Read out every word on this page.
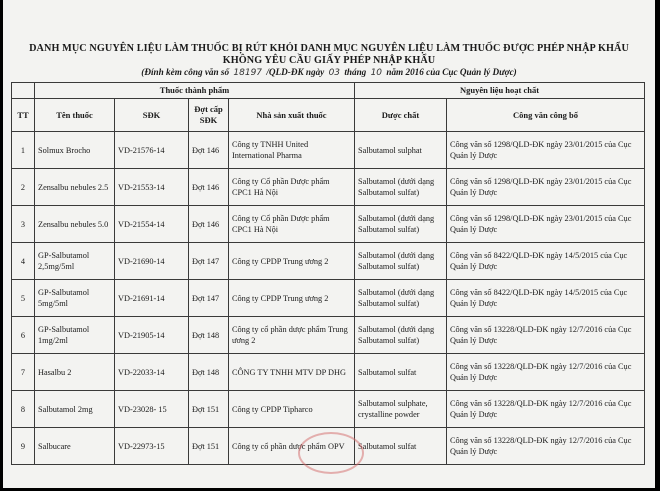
DANH MỤC NGUYÊN LIỆU LÀM THUỐC BỊ RÚT KHỎI DANH MỤC NGUYÊN LIỆU LÀM THUỐC ĐƯỢC PHÉP NHẬP KHẨU
KHÔNG YÊU CẦU GIẤY PHÉP NHẬP KHẨU
(Đính kèm công văn số 18197 /QLD-ĐK ngày 03 tháng 10 năm 2016 của Cục Quản lý Dược)
	Thuốc thành phẩm				Nguyên liệu hoạt chất	
TT	Tên thuốc	SĐK	Đợt cấp SĐK	Nhà sản xuất thuốc	Dược chất	Công văn công bố
1	Solmux Brocho	VD-21576-14	Đợt 146	Công ty TNHH United International Pharma	Salbutamol sulphat	Công văn số 1298/QLD-ĐK ngày 23/01/2015 của Cục Quản lý Dược
2	Zensalbu nebules 2.5	VD-21553-14	Đợt 146	Công ty Cổ phần Dược phẩm CPC1 Hà Nội	Salbutamol (dưới dạng Salbutamol sulfat)	Công văn số 1298/QLD-ĐK ngày 23/01/2015 của Cục Quản lý Dược
3	Zensalbu nebules 5.0	VD-21554-14	Đợt 146	Công ty Cổ phần Dược phẩm CPC1 Hà Nội	Salbutamol (dưới dạng Salbutamol sulfat)	Công văn số 1298/QLD-ĐK ngày 23/01/2015 của Cục Quản lý Dược
4	GP-Salbutamol 2,5mg/5ml	VD-21690-14	Đợt 147	Công ty CPDP Trung ương 2	Salbutamol (dưới dạng Salbutamol sulfat)	Công văn số 8422/QLD-ĐK ngày 14/5/2015 của Cục Quản lý Dược
5	GP-Salbutamol 5mg/5ml	VD-21691-14	Đợt 147	Công ty CPDP Trung ương 2	Salbutamol (dưới dạng Salbutamol sulfat)	Công văn số 8422/QLD-ĐK ngày 14/5/2015 của Cục Quản lý Dược
6	GP-Salbutamol 1mg/2ml	VD-21905-14	Đợt 148	Công ty cổ phần dược phẩm Trung ương 2	Salbutamol (dưới dạng Salbutamol sulfat)	Công văn số 13228/QLD-ĐK ngày 12/7/2016 của Cục Quản lý Dược
7	Hasalbu 2	VD-22033-14	Đợt 148	CÔNG TY TNHH MTV DP DHG	Salbutamol sulfat	Công văn số 13228/QLD-ĐK ngày 12/7/2016 của Cục Quản lý Dược
8	Salbutamol 2mg	VD-23028- 15	Đợt 151	Công ty CPDP Tipharco	Salbutamol sulphate, crystalline powder	Công văn số 13228/QLD-ĐK ngày 12/7/2016 của Cục Quản lý Dược
9	Salbucare	VD-22973-15	Đợt 151	Công ty cổ phần dược phẩm OPV	Salbutamol sulfat	Công văn số 13228/QLD-ĐK ngày 12/7/2016 của Cục Quản lý Dược
